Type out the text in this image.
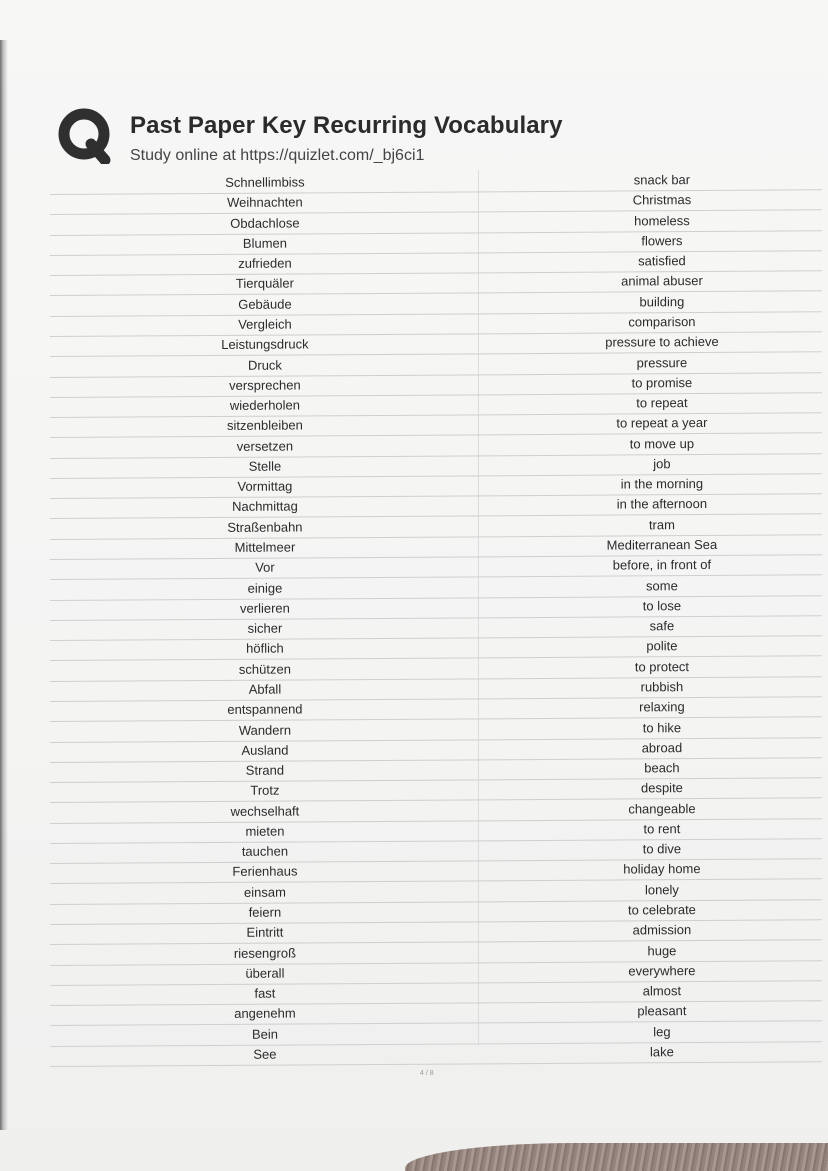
Past Paper Key Recurring Vocabulary
Study online at https://quizlet.com/_bj6ci1
Schnellimbiss	snack bar
Weihnachten	Christmas
Obdachlose	homeless
Blumen	flowers
zufrieden	satisfied
Tierquäler	animal abuser
Gebäude	building
Vergleich	comparison
Leistungsdruck	pressure to achieve
Druck	pressure
versprechen	to promise
wiederholen	to repeat
sitzenbleiben	to repeat a year
versetzen	to move up
Stelle	job
Vormittag	in the morning
Nachmittag	in the afternoon
Straßenbahn	tram
Mittelmeer	Mediterranean Sea
Vor	before, in front of
einige	some
verlieren	to lose
sicher	safe
höflich	polite
schützen	to protect
Abfall	rubbish
entspannend	relaxing
Wandern	to hike
Ausland	abroad
Strand	beach
Trotz	despite
wechselhaft	changeable
mieten	to rent
tauchen	to dive
Ferienhaus	holiday home
einsam	lonely
feiern	to celebrate
Eintritt	admission
riesengroß	huge
überall	everywhere
fast	almost
angenehm	pleasant
Bein	leg
See	lake
4 / 8
